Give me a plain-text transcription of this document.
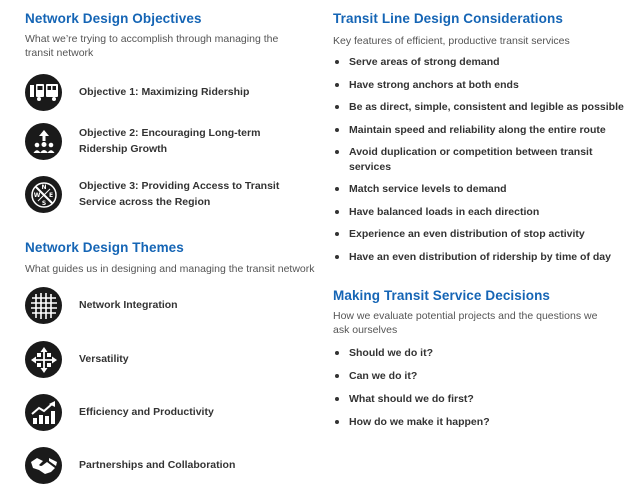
Network Design Objectives
What we’re trying to accomplish through managing the transit network
Objective 1: Maximizing Ridership
Objective 2: Encouraging Long-term Ridership Growth
N
W E
S
Objective 3: Providing Access to Transit Service across the Region
Network Design Themes
What guides us in designing and managing the transit network
Network Integration
Versatility
Efficiency and Productivity
Partnerships and Collaboration
Transit Line Design Considerations
Key features of efficient, productive transit services
Serve areas of strong demand
Have strong anchors at both ends
Be as direct, simple, consistent and legible as possible
Maintain speed and reliability along the entire route
Avoid duplication or competition between transit services
Match service levels to demand
Have balanced loads in each direction
Experience an even distribution of stop activity
Have an even distribution of ridership by time of day
Making Transit Service Decisions
How we evaluate potential projects and the questions we ask ourselves
Should we do it?
Can we do it?
What should we do first?
How do we make it happen?
